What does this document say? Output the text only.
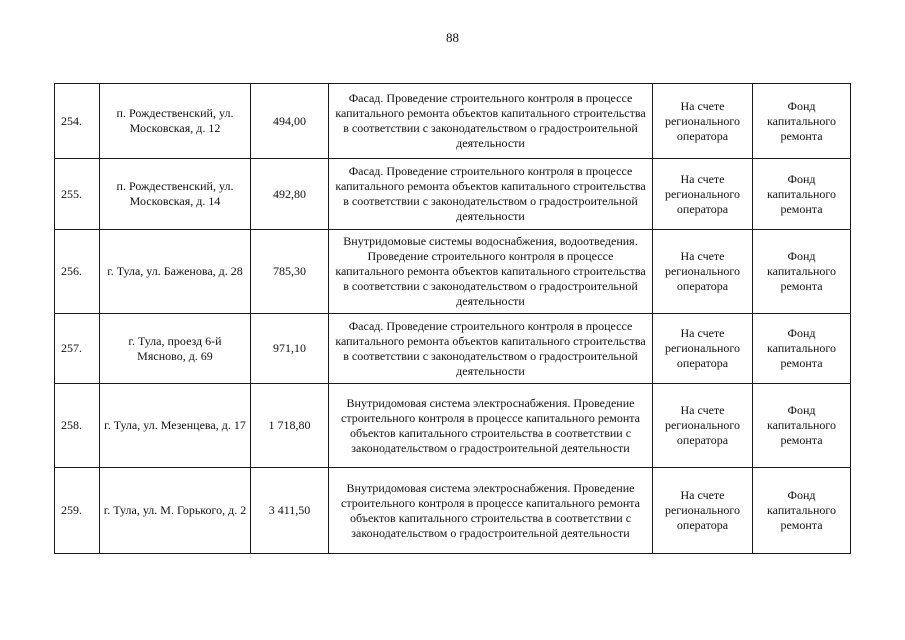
88
254.	п. Рождественский, ул. Московская, д. 12	494,00	Фасад. Проведение строительного контроля в процессе капитального ремонта объектов капитального строительства в соответствии с законодательством о градостроительной деятельности	На счете регионального оператора	Фонд капитального ремонта
255.	п. Рождественский, ул. Московская, д. 14	492,80	Фасад. Проведение строительного контроля в процессе капитального ремонта объектов капитального строительства в соответствии с законодательством о градостроительной деятельности	На счете регионального оператора	Фонд капитального ремонта
256.	г. Тула, ул. Баженова, д. 28	785,30	Внутридомовые системы водоснабжения, водоотведения. Проведение строительного контроля в процессе капитального ремонта объектов капитального строительства в соответствии с законодательством о градостроительной деятельности	На счете регионального оператора	Фонд капитального ремонта
257.	г. Тула, проезд 6-й Мясново, д. 69	971,10	Фасад. Проведение строительного контроля в процессе капитального ремонта объектов капитального строительства в соответствии с законодательством о градостроительной деятельности	На счете регионального оператора	Фонд капитального ремонта
258.	г. Тула, ул. Мезенцева, д. 17	1 718,80	Внутридомовая система электроснабжения. Проведение строительного контроля в процессе капитального ремонта объектов капитального строительства в соответствии с законодательством о градостроительной деятельности	На счете регионального оператора	Фонд капитального ремонта
259.	г. Тула, ул. М. Горького, д. 2	3 411,50	Внутридомовая система электроснабжения. Проведение строительного контроля в процессе капитального ремонта объектов капитального строительства в соответствии с законодательством о градостроительной деятельности	На счете регионального оператора	Фонд капитального ремонта
